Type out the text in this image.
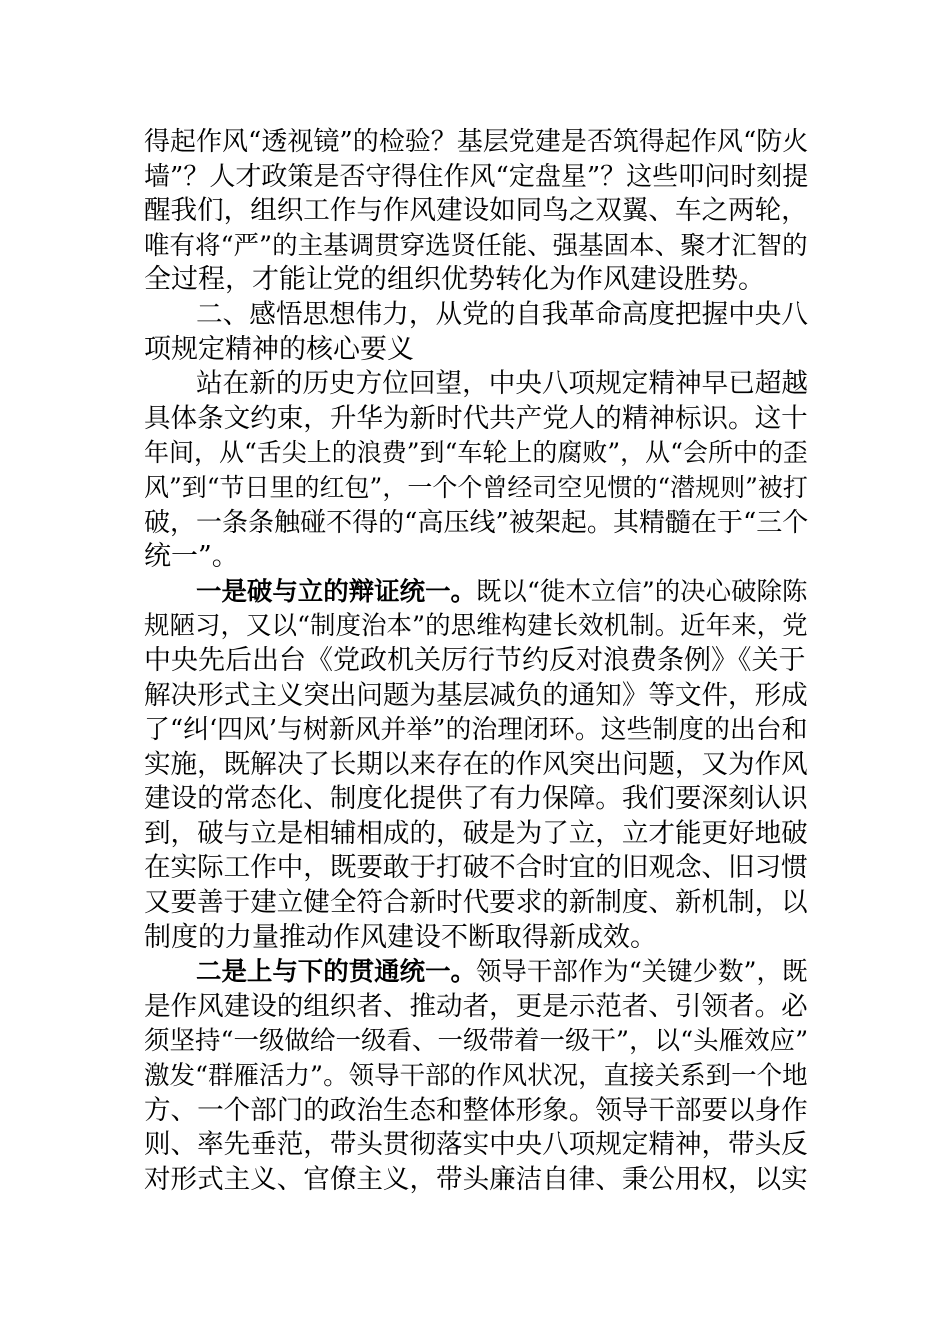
得起作风“透视镜”的检验？基层党建是否筑得起作风“防火
墙”？人才政策是否守得住作风“定盘星”？这些叩问时刻提
醒我们，组织工作与作风建设如同鸟之双翼、车之两轮，
唯有将“严”的主基调贯穿选贤任能、强基固本、聚才汇智的
全过程，才能让党的组织优势转化为作风建设胜势。
二、感悟思想伟力，从党的自我革命高度把握中央八
项规定精神的核心要义
站在新的历史方位回望，中央八项规定精神早已超越
具体条文约束，升华为新时代共产党人的精神标识。这十
年间，从“舌尖上的浪费”到“车轮上的腐败”，从“会所中的歪
风”到“节日里的红包”，一个个曾经司空见惯的“潜规则”被打
破，一条条触碰不得的“高压线”被架起。其精髓在于“三个
统一”。
一是破与立的辩证统一。既以“徙木立信”的决心破除陈
规陋习，又以“制度治本”的思维构建长效机制。近年来，党
中央先后出台《党政机关厉行节约反对浪费条例》《关于
解决形式主义突出问题为基层减负的通知》等文件，形成
了“纠‘四风’与树新风并举”的治理闭环。这些制度的出台和
实施，既解决了长期以来存在的作风突出问题，又为作风
建设的常态化、制度化提供了有力保障。我们要深刻认识
到，破与立是相辅相成的，破是为了立，立才能更好地破
在实际工作中，既要敢于打破不合时宜的旧观念、旧习惯
又要善于建立健全符合新时代要求的新制度、新机制，以
制度的力量推动作风建设不断取得新成效。
二是上与下的贯通统一。领导干部作为“关键少数”，既
是作风建设的组织者、推动者，更是示范者、引领者。必
须坚持“一级做给一级看、一级带着一级干”，以“头雁效应”
激发“群雁活力”。领导干部的作风状况，直接关系到一个地
方、一个部门的政治生态和整体形象。领导干部要以身作
则、率先垂范，带头贯彻落实中央八项规定精神，带头反
对形式主义、官僚主义，带头廉洁自律、秉公用权，以实
